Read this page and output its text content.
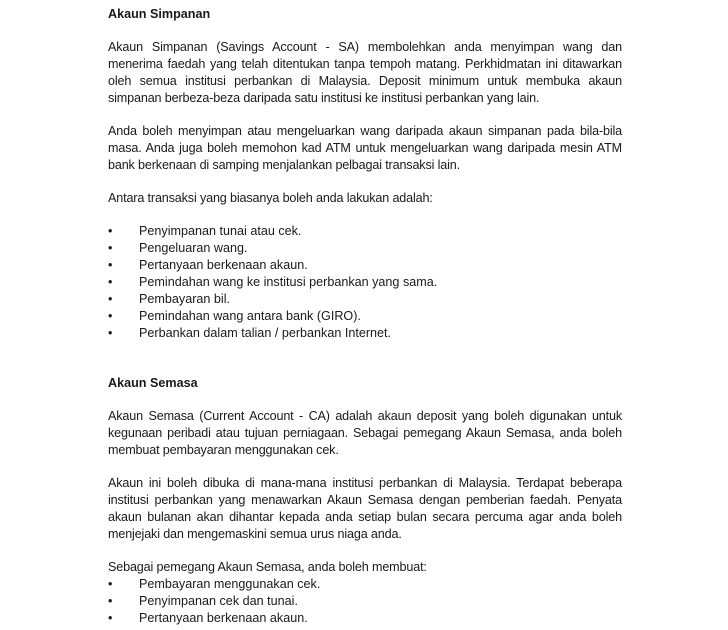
Akaun Simpanan

Akaun Simpanan (Savings Account - SA) membolehkan anda menyimpan wang dan menerima faedah yang telah ditentukan tanpa tempoh matang. Perkhidmatan ini ditawarkan oleh semua institusi perbankan di Malaysia. Deposit minimum untuk membuka akaun simpanan berbeza-beza daripada satu institusi ke institusi perbankan yang lain.

Anda boleh menyimpan atau mengeluarkan wang daripada akaun simpanan pada bila-bila masa. Anda juga boleh memohon kad ATM untuk mengeluarkan wang daripada mesin ATM bank berkenaan di samping menjalankan pelbagai transaksi lain.

Antara transaksi yang biasanya boleh anda lakukan adalah:

•	Penyimpanan tunai atau cek.
•	Pengeluaran wang.
•	Pertanyaan berkenaan akaun.
•	Pemindahan wang ke institusi perbankan yang sama.
•	Pembayaran bil.
•	Pemindahan wang antara bank (GIRO).
•	Perbankan dalam talian / perbankan Internet.
Akaun Semasa

Akaun Semasa (Current Account - CA) adalah akaun deposit yang boleh digunakan untuk kegunaan peribadi atau tujuan perniagaan. Sebagai pemegang Akaun Semasa, anda boleh membuat pembayaran menggunakan cek.

Akaun ini boleh dibuka di mana-mana institusi perbankan di Malaysia. Terdapat beberapa institusi perbankan yang menawarkan Akaun Semasa dengan pemberian faedah. Penyata akaun bulanan akan dihantar kepada anda setiap bulan secara percuma agar anda boleh menjejaki dan mengemaskini semua urus niaga anda.

Sebagai pemegang Akaun Semasa, anda boleh membuat:

•	Pembayaran menggunakan cek.
•	Penyimpanan cek dan tunai.
•	Pertanyaan berkenaan akaun.
